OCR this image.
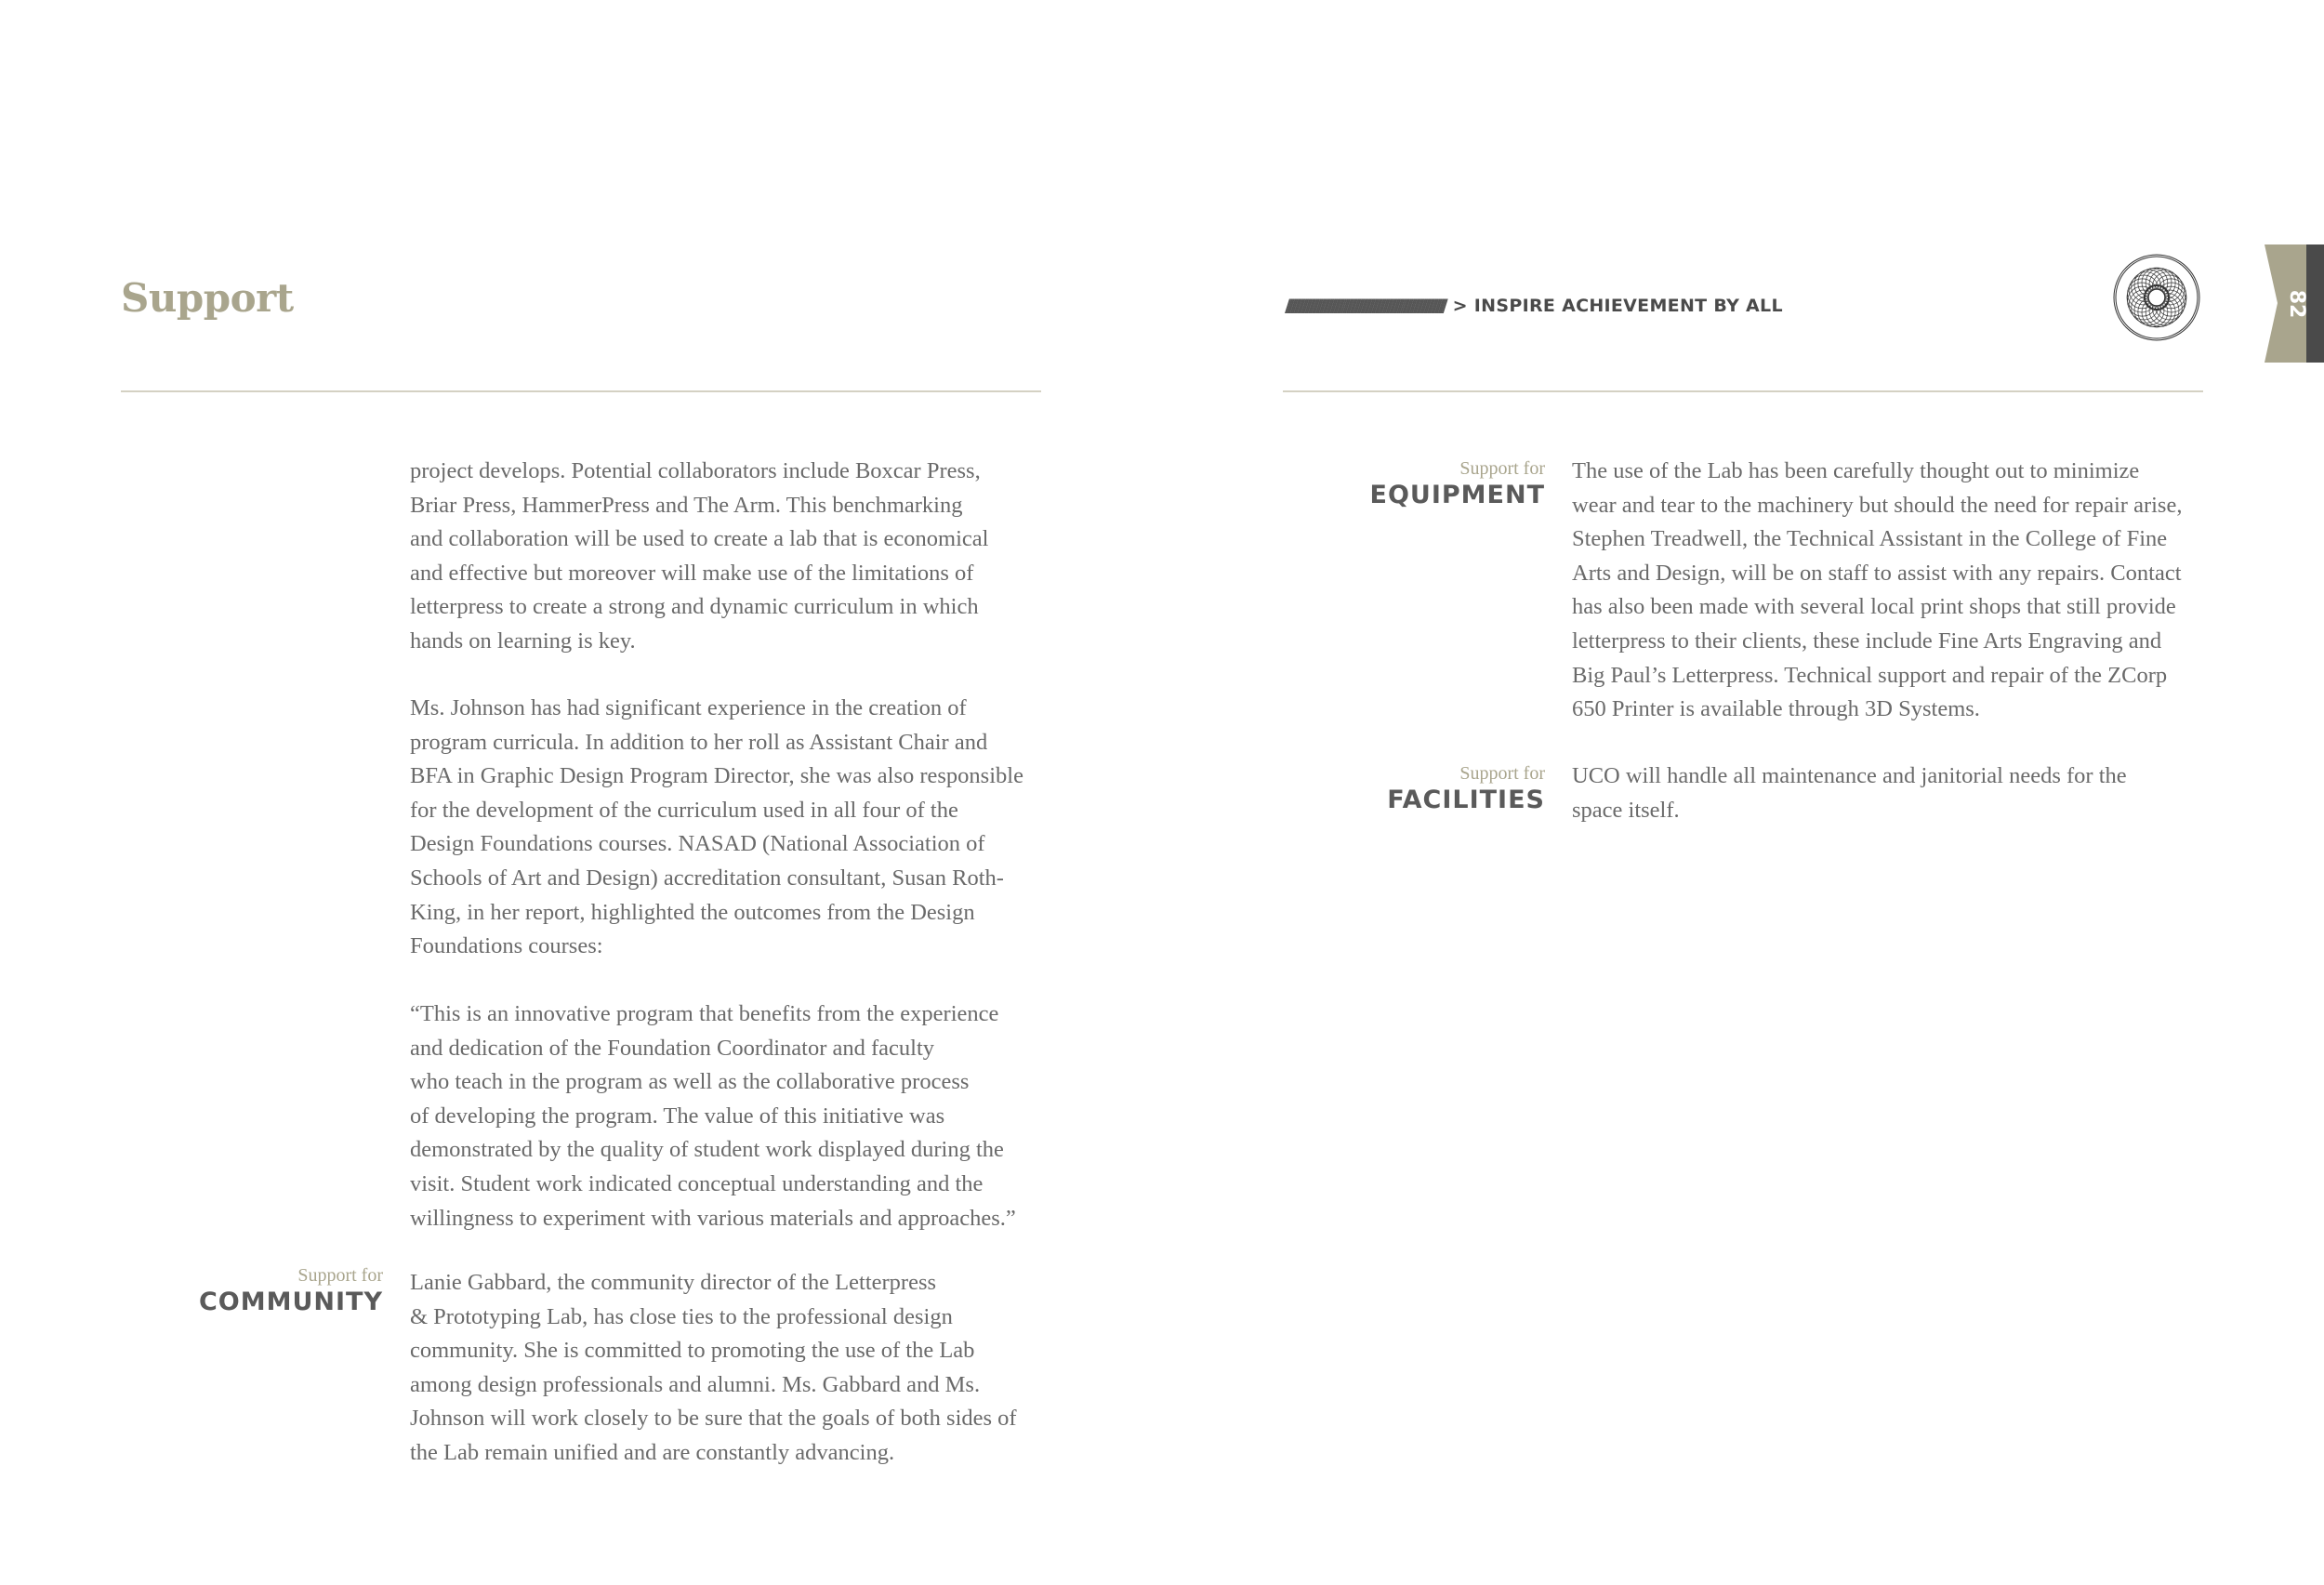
Support	//////////////////////////////////////////////////////////////////////////////////////// > INSPIRE ACHIEVEMENT BY ALL	82
project develops. Potential collaborators include Boxcar Press,
Briar Press, HammerPress and The Arm. This benchmarking
and collaboration will be used to create a lab that is economical
and effective but moreover will make use of the limitations of
letterpress to create a strong and dynamic curriculum in which
hands on learning is key.
Ms. Johnson has had significant experience in the creation of
program curricula. In addition to her roll as Assistant Chair and
BFA in Graphic Design Program Director, she was also responsible
for the development of the curriculum used in all four of the
Design Foundations courses. NASAD (National Association of
Schools of Art and Design) accreditation consultant, Susan Roth-
King, in her report, highlighted the outcomes from the Design
Foundations courses:
“This is an innovative program that benefits from the experience
and dedication of the Foundation Coordinator and faculty
who teach in the program as well as the collaborative process
of developing the program. The value of this initiative was
demonstrated by the quality of student work displayed during the
visit. Student work indicated conceptual understanding and the
willingness to experiment with various materials and approaches.”
Support for
COMMUNITY
Lanie Gabbard, the community director of the Letterpress
& Prototyping Lab, has close ties to the professional design
community. She is committed to promoting the use of the Lab
among design professionals and alumni. Ms. Gabbard and Ms.
Johnson will work closely to be sure that the goals of both sides of
the Lab remain unified and are constantly advancing.
Support for
EQUIPMENT
The use of the Lab has been carefully thought out to minimize
wear and tear to the machinery but should the need for repair arise,
Stephen Treadwell, the Technical Assistant in the College of Fine
Arts and Design, will be on staff to assist with any repairs. Contact
has also been made with several local print shops that still provide
letterpress to their clients, these include Fine Arts Engraving and
Big Paul’s Letterpress. Technical support and repair of the ZCorp
650 Printer is available through 3D Systems.
Support for
FACILITIES
UCO will handle all maintenance and janitorial needs for the
space itself.
